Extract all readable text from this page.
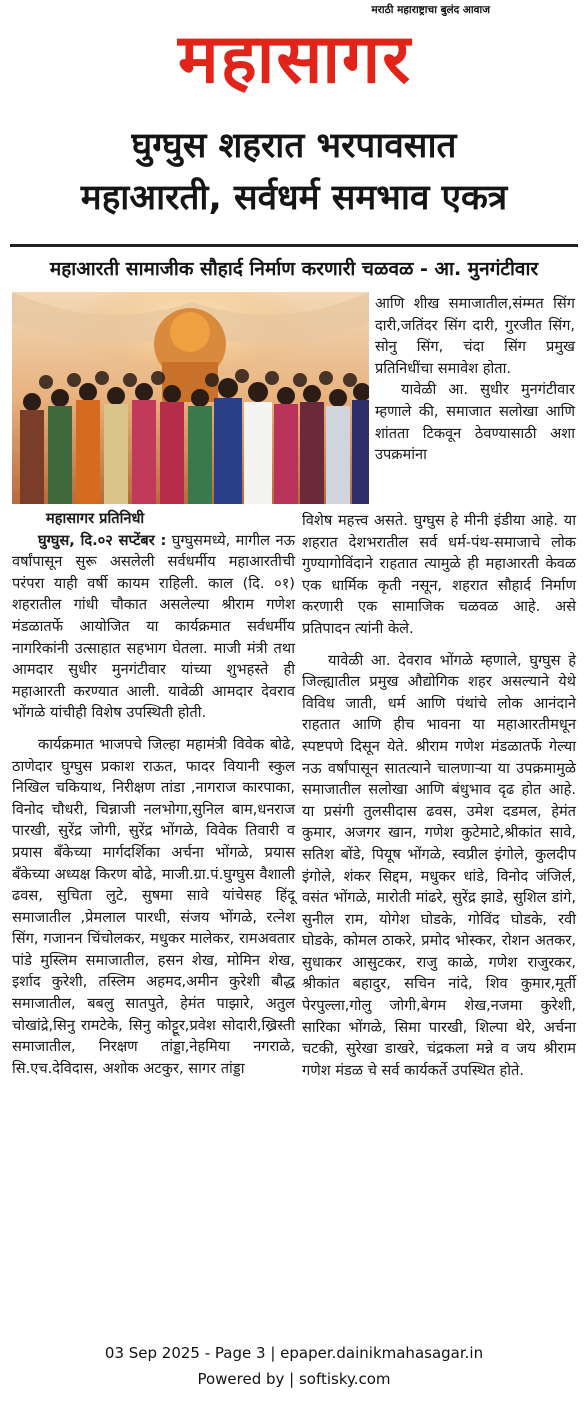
मराठी महाराष्ट्राचा बुलंद आवाज
महासागर
घुग्घुस शहरात भरपावसात
महाआरती, सर्वधर्म समभाव एकत्र
महाआरती सामाजीक सौहार्द निर्माण करणारी चळवळ - आ. मुनगंटीवार

आणि शीख समाजातील,संम्मत सिंग दारी,जतिंदर सिंग दारी, गुरजीत सिंग, सोनु सिंग, चंदा सिंग प्रमुख प्रतिनिधींचा समावेश होता.

यावेळी आ. सुधीर मुनगंटीवार म्हणाले की, समाजात सलोखा आणि शांतता टिकवून ठेवण्यासाठी अशा उपक्रमांना

महासागर प्रतिनिधी

घुग्घुस, दि.०२ सप्टेंबर : घुग्घुसमध्ये, मागील नऊ वर्षांपासून सुरू असलेली सर्वधर्मीय महाआरतीची परंपरा याही वर्षी कायम राहिली. काल (दि. ०१) शहरातील गांधी चौकात असलेल्या श्रीराम गणेश मंडळातर्फे आयोजित या कार्यक्रमात सर्वधर्मीय नागरिकांनी उत्साहात सहभाग घेतला. माजी मंत्री तथा आमदार सुधीर मुनगंटीवार यांच्या शुभहस्ते ही महाआरती करण्यात आली. यावेळी आमदार देवराव भोंगळे यांचीही विशेष उपस्थिती होती.

कार्यक्रमात भाजपचे जिल्हा महामंत्री विवेक बोढे, ठाणेदार घुग्घुस प्रकाश राऊत, फादर वियानी स्कुल निखिल चकियाथ, निरीक्षण तांडा ,नागराज कारपाका, विनोद चौधरी, चिन्नाजी नलभोगा,सुनिल बाम,धनराज पारखी, सुरेंद्र जोगी, सुरेंद्र भोंगळे, विवेक तिवारी व प्रयास बँकेच्या मार्गदर्शिका अर्चना भोंगळे, प्रयास बँकेच्या अध्यक्ष किरण बोढे, माजी.ग्रा.पं.घुग्घुस वैशाली ढवस, सुचिता लुटे, सुषमा सावे यांचेसह हिंदू समाजातील ,प्रेमलाल पारधी, संजय भोंगळे, रत्नेश सिंग, गजानन चिंचोलकर, मधुकर मालेकर, रामअवतार पांडे मुस्लिम समाजातील, हसन शेख, मोमिन शेख, इर्शाद कुरेशी, तस्लिम अहमद,अमीन कुरेशी बौद्ध समाजातील, बबलु सातपुते, हेमंत पाझारे, अतुल चोखांद्रे,सिनु रामटेके, सिनु कोट्टूर,प्रवेश सोदारी,ख्रिस्ती समाजातील, निरक्षण तांड्डा,नेहमिया नगराळे, सि.एच.देविदास, अशोक अटकुर, सागर तांड्डा

विशेष महत्त्व असते. घुग्घुस हे मीनी इंडीया आहे. या शहरात देशभरातील सर्व धर्म-पंथ-समाजाचे लोक गुण्यागोविंदाने राहतात त्यामुळे ही महाआरती केवळ एक धार्मिक कृती नसून, शहरात सौहार्द निर्माण करणारी एक सामाजिक चळवळ आहे. असे प्रतिपादन त्यांनी केले.

यावेळी आ. देवराव भोंगळे म्हणाले, घुग्घुस हे जिल्ह्यातील प्रमुख औद्योगिक शहर असल्याने येथे विविध जाती, धर्म आणि पंथांचे लोक आनंदाने राहतात आणि हीच भावना या महाआरतीमधून स्पष्टपणे दिसून येते. श्रीराम गणेश मंडळातर्फे गेल्या नऊ वर्षांपासून सातत्याने चालणाऱ्या या उपक्रमामुळे समाजातील सलोखा आणि बंधुभाव दृढ होत आहे. या प्रसंगी तुलसीदास ढवस, उमेश दडमल, हेमंत कुमार, अजगर खान, गणेश कुटेमाटे,श्रीकांत सावे, सतिश बोंडे, पियूष भोंगळे, स्वप्रील इंगोले, कुलदीप इंगोले, शंकर सिद्दम, मधुकर धांडे, विनोद जंजिर्ल, वसंत भोंगळे, मारोती मांढरे, सुरेंद्र झाडे, सुशिल डांगे, सुनील राम, योगेश घोडके, गोविंद घोडके, रवी घोडके, कोमल ठाकरे, प्रमोद भोस्कर, रोशन अतकर, सुधाकर आसुटकर, राजु काळे, गणेश राजुरकर, श्रीकांत बहादुर, सचिन नांदे, शिव कुमार,मूर्ती पेरपुल्ला,गोलु जोगी,बेगम शेख,नजमा कुरेशी, सारिका भोंगळे, सिमा पारखी, शिल्पा थेरे, अर्चना चटकी, सुरेखा डाखरे, चंद्रकला मन्ने व जय श्रीराम गणेश मंडळ चे सर्व कार्यकर्ते उपस्थित होते.

03 Sep 2025 - Page 3 | epaper.dainikmahasagar.in
Powered by | softisky.com
